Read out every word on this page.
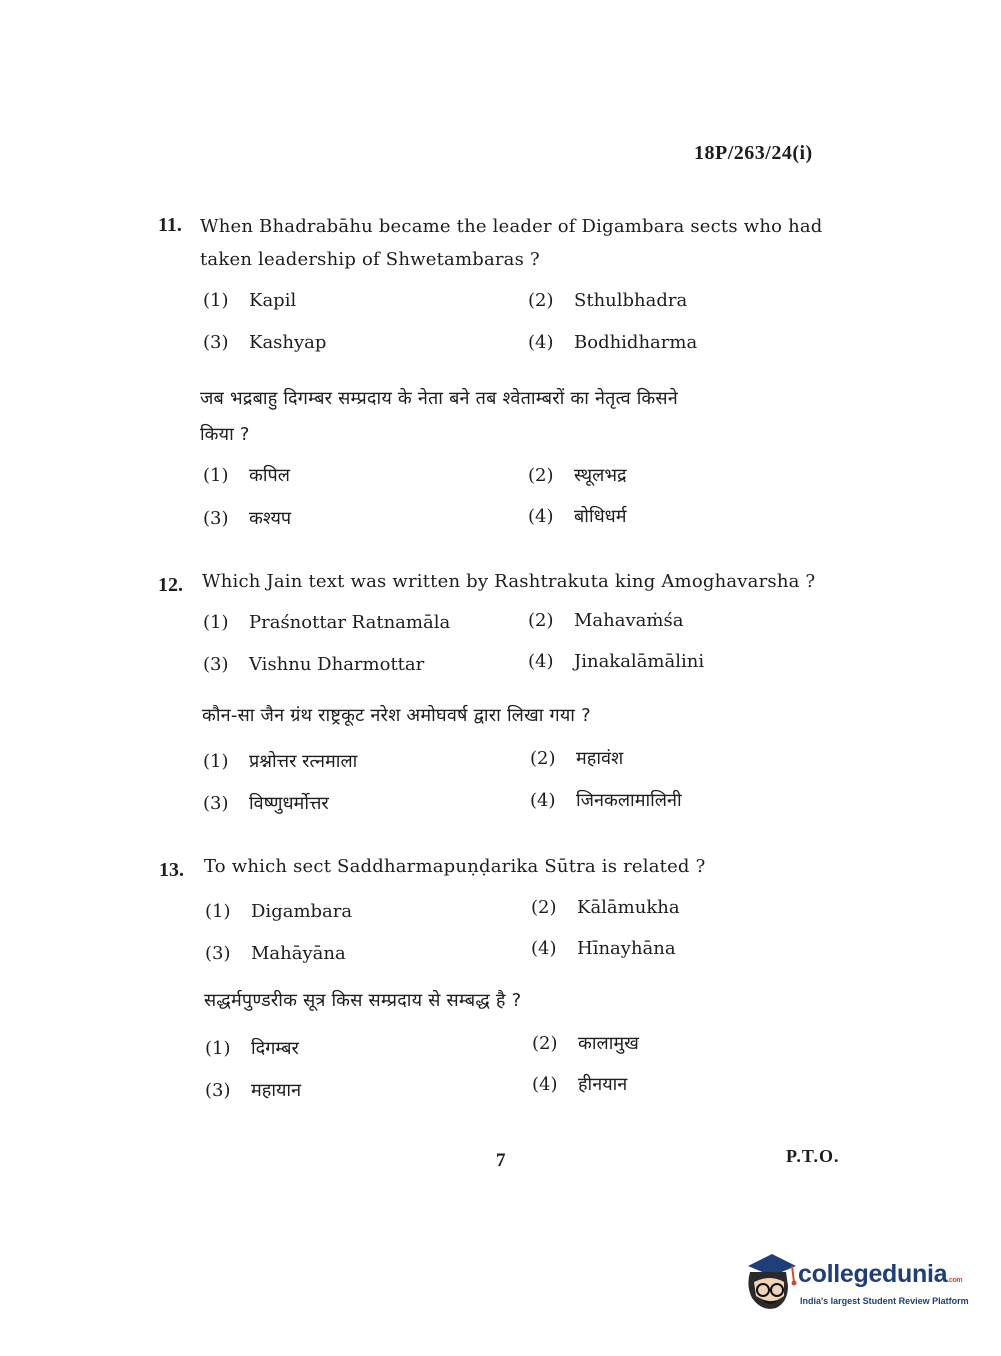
18P/263/24(i)
11. When Bhadrabāhu became the leader of Digambara sects who had
taken leadership of Shwetambaras ?
(1) Kapil	(2) Sthulbhadra
(3) Kashyap	(4) Bodhidharma
जब भद्रबाहु दिगम्बर सम्प्रदाय के नेता बने तब श्वेताम्बरों का नेतृत्व किसने
किया ?
(1) कपिल	(2) स्थूलभद्र
(3) कश्यप	(4) बोधिधर्म
12. Which Jain text was written by Rashtrakuta king Amoghavarsha ?
(1) Praśnottar Ratnamāla	(2) Mahavaṁśa
(3) Vishnu Dharmottar	(4) Jinakalāmālini
कौन-सा जैन ग्रंथ राष्ट्रकूट नरेश अमोघवर्ष द्वारा लिखा गया ?
(1) प्रश्नोत्तर रत्नमाला	(2) महावंश
(3) विष्णुधर्मोत्तर	(4) जिनकलामालिनी
13. To which sect Saddharmapuṇḍarika Sūtra is related ?
(1) Digambara	(2) Kālāmukha
(3) Mahāyāna	(4) Hīnayhāna
सद्धर्मपुण्डरीक सूत्र किस सम्प्रदाय से सम्बद्ध है ?
(1) दिगम्बर	(2) कालामुख
(3) महायान	(4) हीनयान
7	P.T.O.
collegedunia.com
India's largest Student Review Platform
